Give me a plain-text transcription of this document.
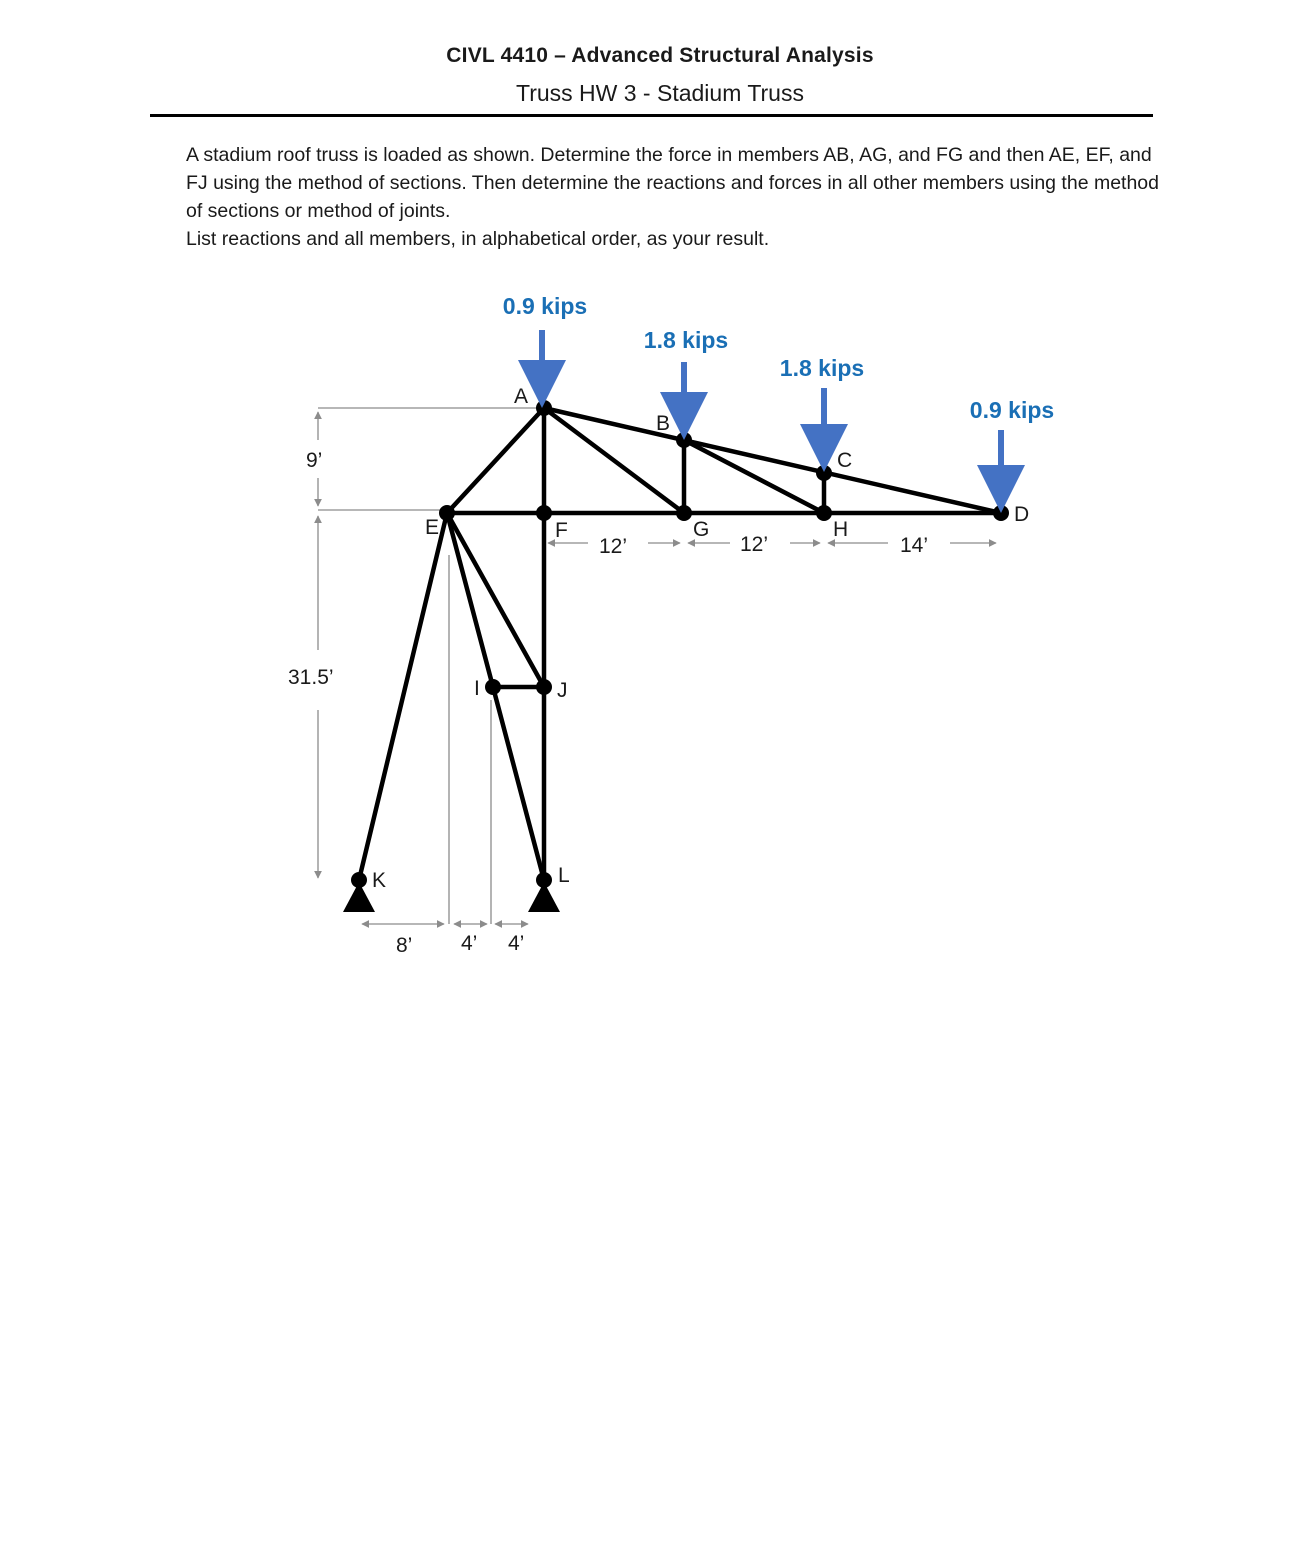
CIVL 4410 – Advanced Structural Analysis
Truss HW 3 - Stadium Truss

A stadium roof truss is loaded as shown. Determine the force in members AB, AG, and FG and then AE, EF, and FJ using the method of sections. Then determine the reactions and forces in all other members using the method of sections or method of joints.

List reactions and all members, in alphabetical order, as your result.

0.9 kips
1.8 kips
1.8 kips
0.9 kips
A
B
C
D
E	F	G	H
I	J
K	L
9’
31.5’
12’	12’	14’
8’ 4’ 4’
